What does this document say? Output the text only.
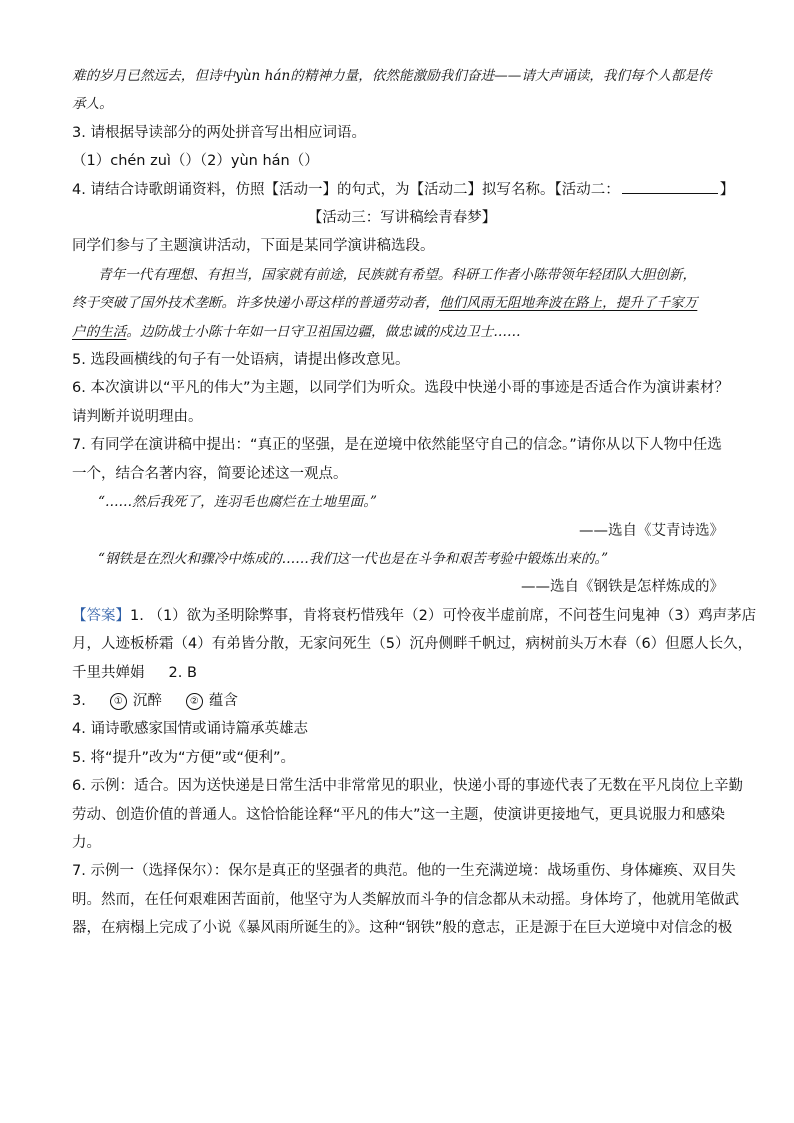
难的岁月已然远去，但诗中yùn hán的精神力量，依然能激励我们奋进——请大声诵读，我们每个人都是传
承人。
3. 请根据导读部分的两处拼音写出相应词语。
（1）chén zuì（）（2）yùn hán（）
4. 请结合诗歌朗诵资料，仿照【活动一】的句式，为【活动二】拟写名称。【活动二：	】
【活动三：写讲稿绘青春梦】
同学们参与了主题演讲活动，下面是某同学演讲稿选段。
青年一代有理想、有担当，国家就有前途，民族就有希望。科研工作者小陈带领年轻团队大胆创新，
终于突破了国外技术垄断。许多快递小哥这样的普通劳动者，他们风雨无阻地奔波在路上，提升了千家万
户的生活。边防战士小陈十年如一日守卫祖国边疆，做忠诚的戍边卫士……
5. 选段画横线的句子有一处语病，请提出修改意见。
6. 本次演讲以“平凡的伟大”为主题，以同学们为听众。选段中快递小哥的事迹是否适合作为演讲素材？
请判断并说明理由。
7. 有同学在演讲稿中提出：“真正的坚强，是在逆境中依然能坚守自己的信念。”请你从以下人物中任选
一个，结合名著内容，简要论述这一观点。
“……然后我死了，连羽毛也腐烂在土地里面。”
——选自《艾青诗选》
“钢铁是在烈火和骤冷中炼成的……我们这一代也是在斗争和艰苦考验中锻炼出来的。”
——选自《钢铁是怎样炼成的》
【答案】1. （1）欲为圣明除弊事，肯将衰朽惜残年（2）可怜夜半虚前席，不问苍生问鬼神（3）鸡声茅店
月，人迹板桥霜（4）有弟皆分散，无家问死生（5）沉舟侧畔千帆过，病树前头万木春（6）但愿人长久，
千里共婵娟 2. B
3.	① 沉醉	② 蕴含
4. 诵诗歌感家国情或诵诗篇承英雄志
5. 将“提升”改为“方便”或“便利”。
6. 示例：适合。因为送快递是日常生活中非常常见的职业，快递小哥的事迹代表了无数在平凡岗位上辛勤
劳动、创造价值的普通人。这恰恰能诠释“平凡的伟大”这一主题，使演讲更接地气，更具说服力和感染
力。
7. 示例一（选择保尔）：保尔是真正的坚强者的典范。他的一生充满逆境：战场重伤、身体瘫痪、双目失
明。然而，在任何艰难困苦面前，他坚守为人类解放而斗争的信念都从未动摇。身体垮了，他就用笔做武
器，在病榻上完成了小说《暴风雨所诞生的》。这种“钢铁”般的意志，正是源于在巨大逆境中对信念的极
